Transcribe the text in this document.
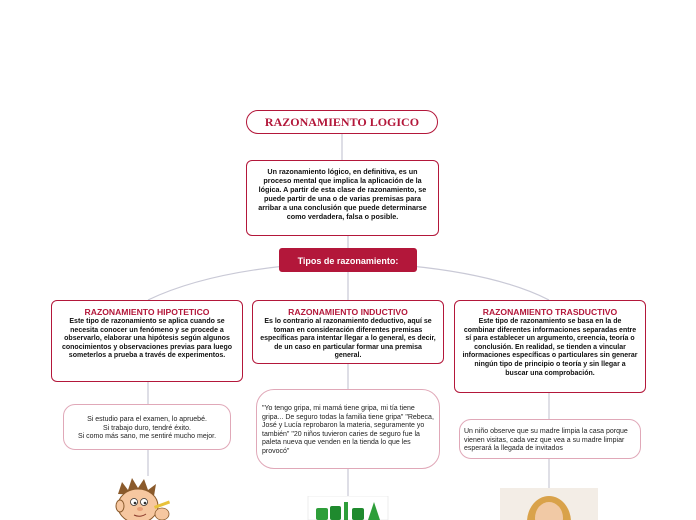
RAZONAMIENTO LOGICO
Un razonamiento lógico, en definitiva, es un proceso mental que implica la aplicación de la lógica. A partir de esta clase de razonamiento, se puede partir de una o de varias premisas para arribar a una conclusión que puede determinarse como verdadera, falsa o posible.
Tipos de razonamiento:
RAZONAMIENTO HIPOTETICO
Este tipo de razonamiento se aplica cuando se necesita conocer un fenómeno y se procede a observarlo, elaborar una hipótesis según algunos conocimientos y observaciones previas para luego someterlos a prueba a través de experimentos.
RAZONAMIENTO INDUCTIVO
Es lo contrario al razonamiento deductivo, aquí se toman en consideración diferentes premisas específicas para intentar llegar a lo general, es decir, de un caso en particular formar una premisa general.
RAZONAMIENTO TRASDUCTIVO
Este tipo de razonamiento se basa en la de combinar diferentes informaciones separadas entre sí para establecer un argumento, creencia, teoría o conclusión. En realidad, se tienden a vincular informaciones específicas o particulares sin generar ningún tipo de principio o teoría y sin llegar a buscar una comprobación.
Si estudio para el examen, lo apruebé.
Si trabajo duro, tendré éxito.
Si como más sano, me sentiré mucho mejor.
"Yo tengo gripa, mi mamá tiene gripa, mi tía tiene gripa... De seguro todas la familia tiene gripa" "Rebeca, José y Lucía reprobaron la materia, seguramente yo también" "20 niños tuvieron caries de seguro fue la paleta nueva que venden en la tienda lo que les provocó"
Un niño observe que su madre limpia la casa porque vienen visitas, cada vez que vea a su madre limpiar esperará la llegada de invitados
